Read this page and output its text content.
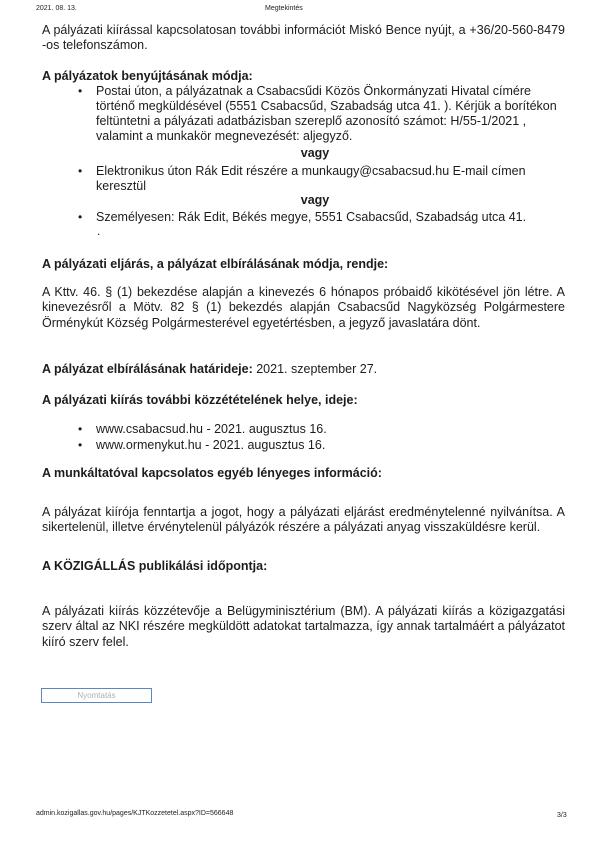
2021. 08. 13.	Megtekintés

A pályázati kiírással kapcsolatosan további információt Miskó Bence nyújt, a +36/20-560-8479 -os telefonszámon.

A pályázatok benyújtásának módja:
• Postai úton, a pályázatnak a Csabacsűdi Közös Önkormányzati Hivatal címére történő megküldésével (5551 Csabacsűd, Szabadság utca 41. ). Kérjük a borítékon feltüntetni a pályázati adatbázisban szereplő azonosító számot: H/55-1/2021 , valamint a munkakör megnevezését: aljegyző.

vagy
• Elektronikus úton Rák Edit részére a munkaugy@csabacsud.hu E-mail címen keresztül

vagy
• Személyesen: Rák Edit, Békés megye, 5551 Csabacsűd, Szabadság utca 41.

.
A pályázati eljárás, a pályázat elbírálásának módja, rendje:

A Kttv. 46. § (1) bekezdése alapján a kinevezés 6 hónapos próbaidő kikötésével jön létre. A kinevezésről a Mötv. 82 § (1) bekezdés alapján Csabacsűd Nagyközség Polgármestere Örménykút Község Polgármesterével egyetértésben, a jegyző javaslatára dönt.

A pályázat elbírálásának határideje: 2021. szeptember 27.
A pályázati kiírás további közzétételének helye, ideje:
• www.csabacsud.hu - 2021. augusztus 16.

• www.ormenykut.hu - 2021. augusztus 16.

A munkáltatóval kapcsolatos egyéb lényeges információ:

A pályázat kiírója fenntartja a jogot, hogy a pályázati eljárást eredménytelenné nyilvánítsa. A sikertelenül, illetve érvénytelenül pályázók részére a pályázati anyag visszaküldésre kerül.

A KÖZIGÁLLÁS publikálási időpontja:

A pályázati kiírás közzétevője a Belügyminisztérium (BM). A pályázati kiírás a közigazgatási szerv által az NKI részére megküldött adatokat tartalmazza, így annak tartalmáért a pályázatot kiíró szerv felel.

Nyomtatás
admin.kozigallas.gov.hu/pages/KJTKozzetetel.aspx?ID=566648	3/3
